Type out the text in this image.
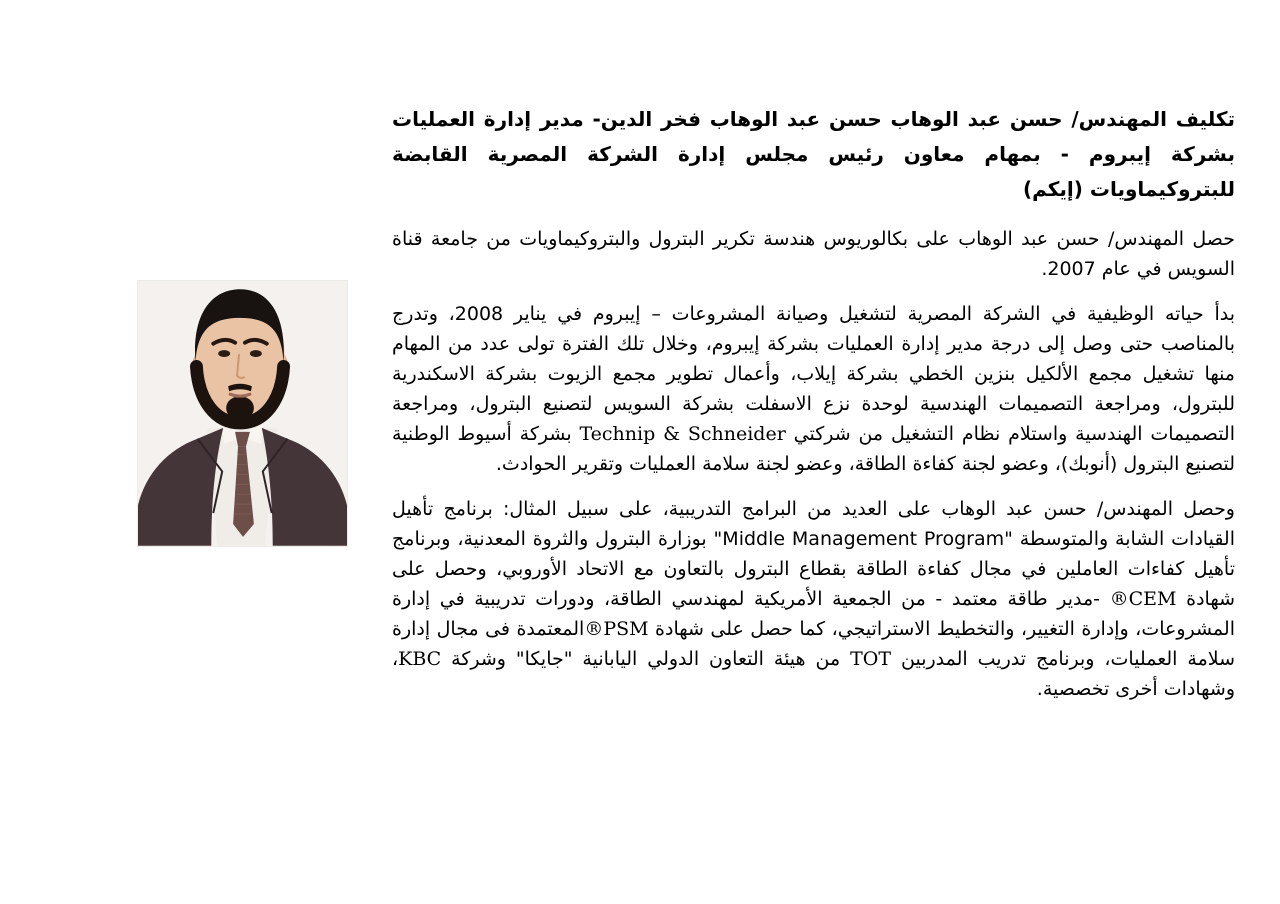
تكليف المهندس/ حسن عبد الوهاب حسن عبد الوهاب فخر الدين- مدير إدارة العمليات بشركة إيبروم - بمهام معاون رئيس مجلس إدارة الشركة المصرية القابضة للبتروكيماويات (إيكم)

حصل المهندس/ حسن عبد الوهاب على بكالوريوس هندسة تكرير البترول والبتروكيماويات من جامعة قناة السويس في عام 2007.

بدأ حياته الوظيفية في الشركة المصرية لتشغيل وصيانة المشروعات – إيبروم في يناير 2008، وتدرج بالمناصب حتى وصل إلى درجة مدير إدارة العمليات بشركة إيبروم، وخلال تلك الفترة تولى عدد من المهام منها تشغيل مجمع الألكيل بنزين الخطي بشركة إيلاب، وأعمال تطوير مجمع الزيوت بشركة الاسكندرية للبترول، ومراجعة التصميمات الهندسية لوحدة نزع الاسفلت بشركة السويس لتصنيع البترول، ومراجعة التصميمات الهندسية واستلام نظام التشغيل من شركتي Technip & Schneider بشركة أسيوط الوطنية لتصنيع البترول (أنوبك)، وعضو لجنة كفاءة الطاقة، وعضو لجنة سلامة العمليات وتقرير الحوادث.

وحصل المهندس/ حسن عبد الوهاب على العديد من البرامج التدريبية، على سبيل المثال: برنامج تأهيل القيادات الشابة والمتوسطة "Middle Management Program" بوزارة البترول والثروة المعدنية، وبرنامج تأهيل كفاءات العاملين في مجال كفاءة الطاقة بقطاع البترول بالتعاون مع الاتحاد الأوروبي، وحصل على شهادة CEM® -مدير طاقة معتمد - من الجمعية الأمريكية لمهندسي الطاقة، ودورات تدريبية في إدارة المشروعات، وإدارة التغيير، والتخطيط الاستراتيجي، كما حصل على شهادة PSM®المعتمدة فى مجال إدارة سلامة العمليات، وبرنامج تدريب المدربين TOT من هيئة التعاون الدولي اليابانية "جايكا" وشركة KBC، وشهادات أخرى تخصصية.
